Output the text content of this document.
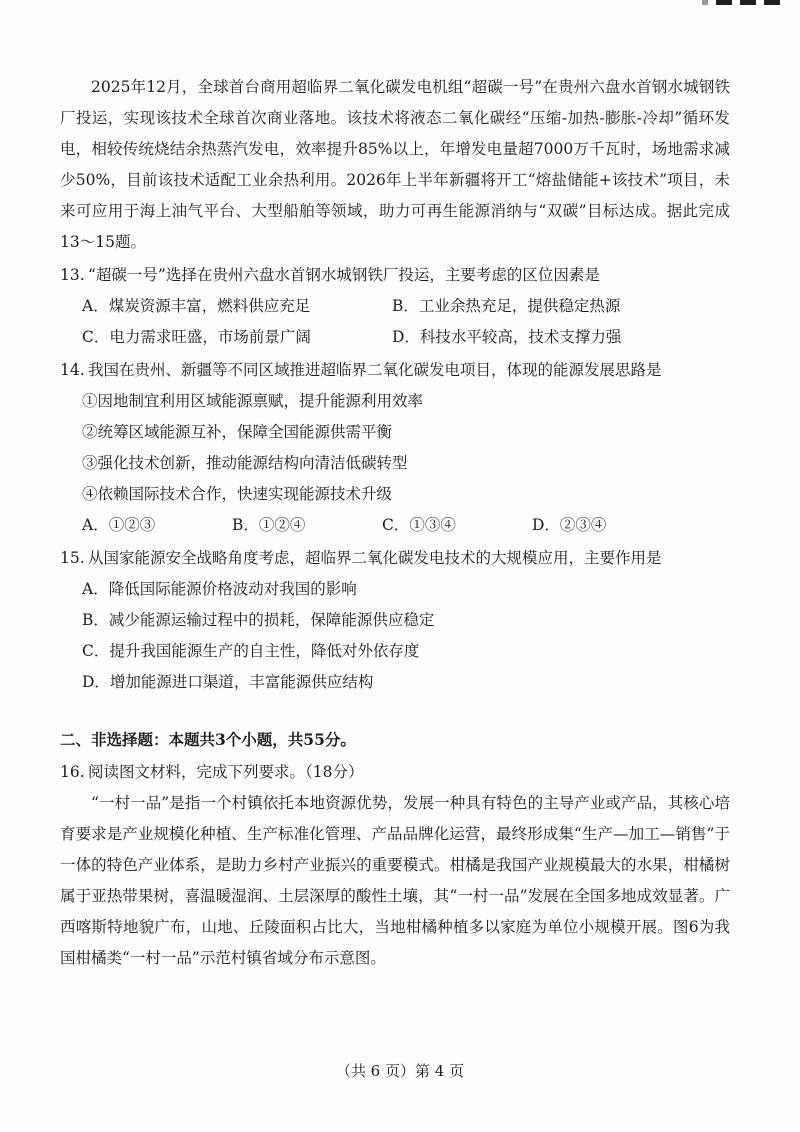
2025年12月，全球首台商用超临界二氧化碳发电机组“超碳一号”在贵州六盘水首钢水城钢铁厂投运，实现该技术全球首次商业落地。该技术将液态二氧化碳经“压缩-加热-膨胀-冷却”循环发电，相较传统烧结余热蒸汽发电，效率提升85%以上，年增发电量超7000万千瓦时，场地需求减少50%，目前该技术适配工业余热利用。2026年上半年新疆将开工“熔盐储能+该技术”项目，未来可应用于海上油气平台、大型船舶等领域，助力可再生能源消纳与“双碳”目标达成。据此完成13～15题。

13. “超碳一号”选择在贵州六盘水首钢水城钢铁厂投运，主要考虑的区位因素是
A．煤炭资源丰富，燃料供应充足	B．工业余热充足，提供稳定热源
C．电力需求旺盛，市场前景广阔	D．科技水平较高，技术支撑力强
14. 我国在贵州、新疆等不同区域推进超临界二氧化碳发电项目，体现的能源发展思路是
①因地制宜利用区域能源禀赋，提升能源利用效率
②统筹区域能源互补，保障全国能源供需平衡
③强化技术创新，推动能源结构向清洁低碳转型
④依赖国际技术合作，快速实现能源技术升级
A．①②③	B．①②④	C．①③④	D．②③④
15. 从国家能源安全战略角度考虑，超临界二氧化碳发电技术的大规模应用，主要作用是
A．降低国际能源价格波动对我国的影响
B．减少能源运输过程中的损耗，保障能源供应稳定
C．提升我国能源生产的自主性，降低对外依存度
D．增加能源进口渠道，丰富能源供应结构
二、非选择题：本题共3个小题，共55分。
16. 阅读图文材料，完成下列要求。（18分）

“一村一品”是指一个村镇依托本地资源优势，发展一种具有特色的主导产业或产品，其核心培育要求是产业规模化种植、生产标准化管理、产品品牌化运营，最终形成集“生产—加工—销售”于一体的特色产业体系，是助力乡村产业振兴的重要模式。柑橘是我国产业规模最大的水果，柑橘树属于亚热带果树，喜温暖湿润、土层深厚的酸性土壤，其“一村一品”发展在全国多地成效显著。广西喀斯特地貌广布，山地、丘陵面积占比大，当地柑橘种植多以家庭为单位小规模开展。图6为我国柑橘类“一村一品”示范村镇省域分布示意图。

（共 6 页）第 4 页
